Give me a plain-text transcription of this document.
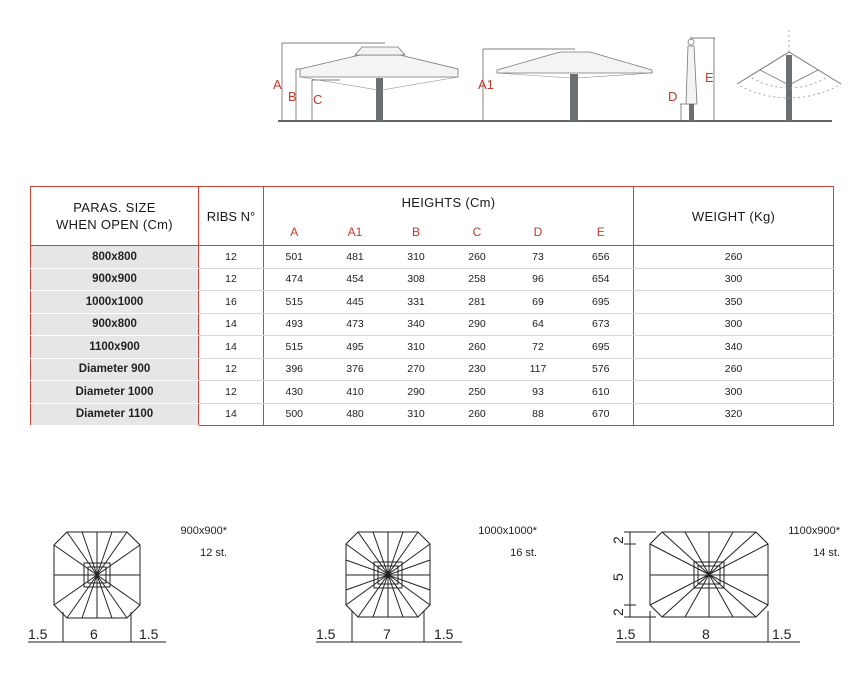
A
B C
A1
D
E
PARAS. SIZE
WHEN OPEN (Cm)	RIBS N°	HEIGHTS (Cm)						WEIGHT (Kg)
		A	A1	B	C	D	E	
800x800	12	501	481	310	260	73	656	260
900x900	12	474	454	308	258	96	654	300
1000x1000	16	515	445	331	281	69	695	350
900x800	14	493	473	340	290	64	673	300
1100x900	14	515	495	310	260	72	695	340
Diameter 900	12	396	376	270	230	117	576	260
Diameter 1000	12	430	410	290	250	93	610	300
Diameter 1100	14	500	480	310	260	88	670	320
900x900*
12 st.
1.5	6	1.5
1000x1000*
16 st.
1.5	7	1.5
1100x900*
14 st.
2
5
2
1.5	8	1.5
